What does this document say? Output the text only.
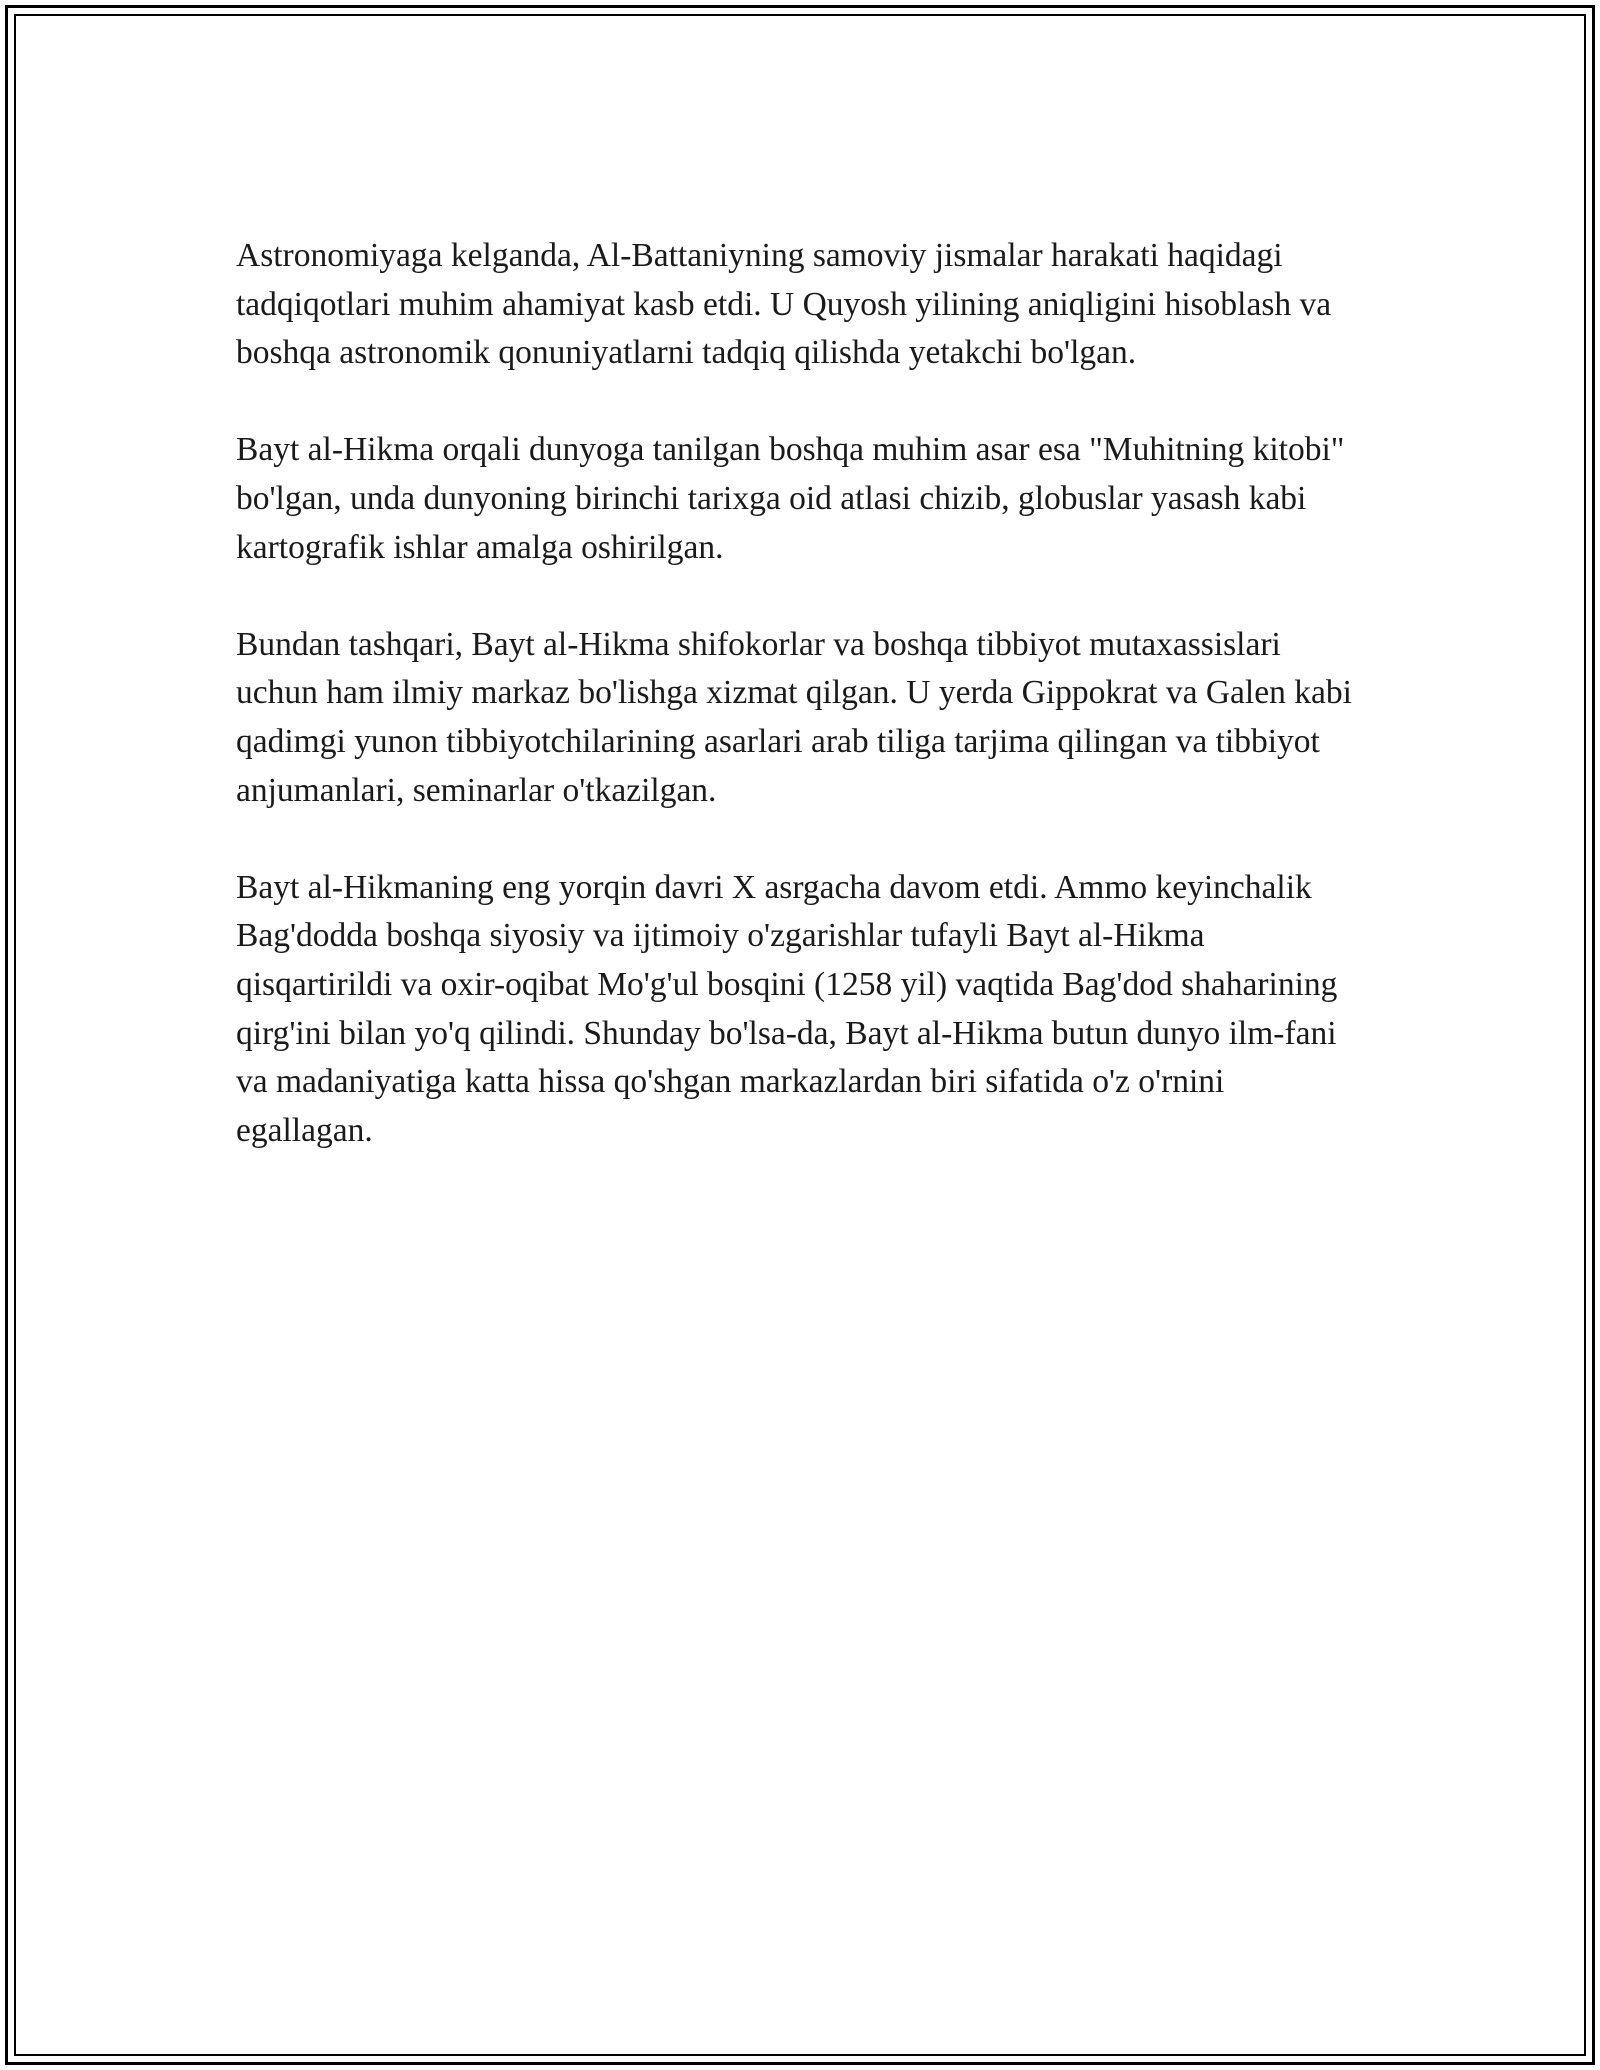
Astronomiyaga kelganda, Al-Battaniyning samoviy jismalar harakati haqidagi tadqiqotlari muhim ahamiyat kasb etdi. U Quyosh yilining aniqligini hisoblash va boshqa astronomik qonuniyatlarni tadqiq qilishda yetakchi bo'lgan.

Bayt al-Hikma orqali dunyoga tanilgan boshqa muhim asar esa "Muhitning kitobi" bo'lgan, unda dunyoning birinchi tarixga oid atlasi chizib, globuslar yasash kabi kartografik ishlar amalga oshirilgan.

Bundan tashqari, Bayt al-Hikma shifokorlar va boshqa tibbiyot mutaxassislari uchun ham ilmiy markaz bo'lishga xizmat qilgan. U yerda Gippokrat va Galen kabi qadimgi yunon tibbiyotchilarining asarlari arab tiliga tarjima qilingan va tibbiyot anjumanlari, seminarlar o'tkazilgan.

Bayt al-Hikmaning eng yorqin davri X asrgacha davom etdi. Ammo keyinchalik Bag'dodda boshqa siyosiy va ijtimoiy o'zgarishlar tufayli Bayt al-Hikma qisqartirildi va oxir-oqibat Mo'g'ul bosqini (1258 yil) vaqtida Bag'dod shaharining qirg'ini bilan yo'q qilindi. Shunday bo'lsa-da, Bayt al-Hikma butun dunyo ilm-fani va madaniyatiga katta hissa qo'shgan markazlardan biri sifatida o'z o'rnini egallagan.
